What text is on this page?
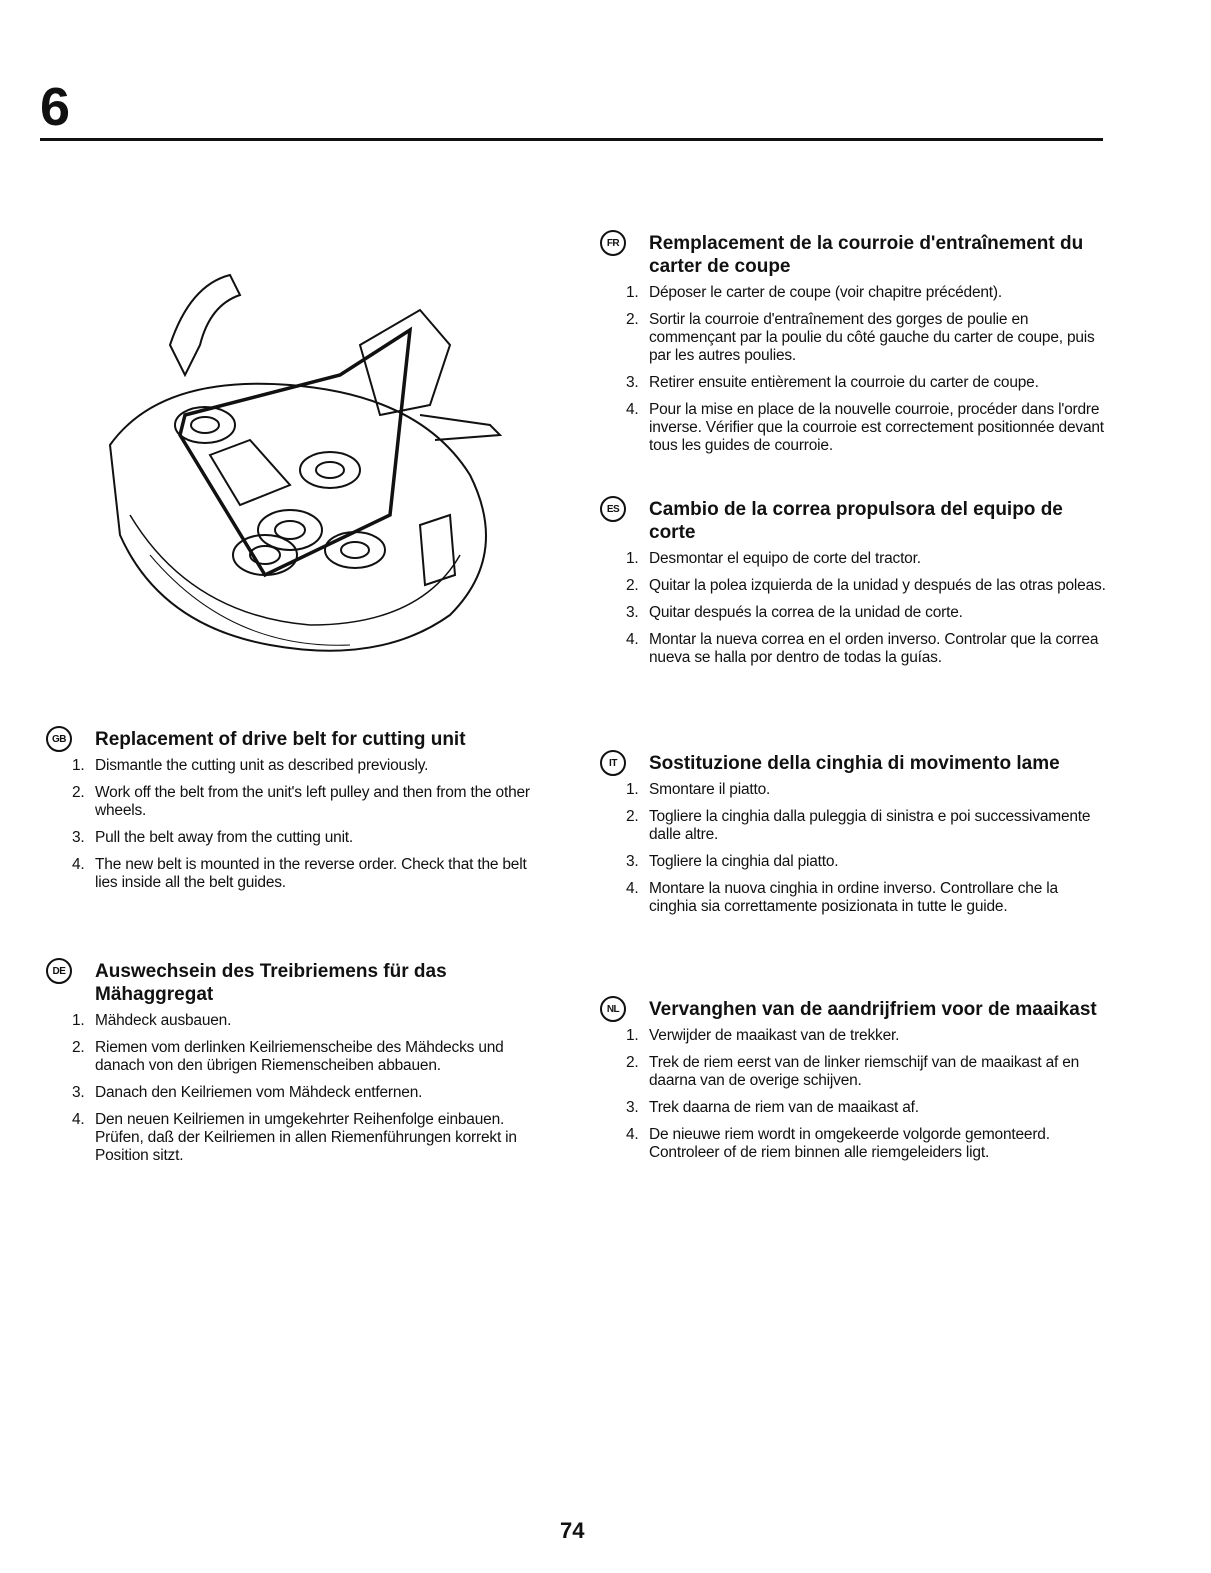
6
FR	Remplacement de la courroie d'entraînement du carter de coupe
1. Déposer le carter de coupe (voir chapitre précédent).
2. Sortir la courroie d'entraînement des gorges de poulie en commençant par la poulie du côté gauche du carter de coupe, puis par les autres poulies.
3. Retirer ensuite entièrement la courroie du carter de coupe.
4. Pour la mise en place de la nouvelle courroie, procéder dans l'ordre inverse. Vérifier que la courroie est correctement positionnée devant tous les guides de courroie.
ES	Cambio de la correa propulsora del equipo de corte
1. Desmontar el equipo de corte del tractor.
2. Quitar la polea izquierda de la unidad y después de las otras poleas.
3. Quitar después la correa de la unidad de corte.
4. Montar la nueva correa en el orden inverso. Controlar que la correa nueva se halla por dentro de todas la guías.
GB	Replacement of drive belt for cutting unit
1. Dismantle the cutting unit as described previously.
2. Work off the belt from the unit's left pulley and then from the other wheels.
3. Pull the belt away from the cutting unit.
4. The new belt is mounted in the reverse order. Check that the belt lies inside all the belt guides.
IT	Sostituzione della cinghia di movimento lame
1. Smontare il piatto.
2. Togliere la cinghia dalla puleggia di sinistra e poi successivamente dalle altre.
3. Togliere la cinghia dal piatto.
4. Montare la nuova cinghia in ordine inverso. Controllare che la cinghia sia correttamente posizionata in tutte le guide.
DE	Auswechsein des Treibriemens für das Mähaggregat
1. Mähdeck ausbauen.
2. Riemen vom derlinken Keilriemenscheibe des Mähdecks und danach von den übrigen Riemenscheiben abbauen.
3. Danach den Keilriemen vom Mähdeck entfernen.
4. Den neuen Keilriemen in umgekehrter Reihenfolge einbauen. Prüfen, daß der Keilriemen in allen Riemenführungen korrekt in Position sitzt.
NL	Vervanghen van de aandrijfriem voor de maaikast
1. Verwijder de maaikast van de trekker.
2. Trek de riem eerst van de linker riemschijf van de maaikast af en daarna van de overige schijven.
3. Trek daarna de riem van de maaikast af.
4. De nieuwe riem wordt in omgekeerde volgorde gemonteerd. Controleer of de riem binnen alle riemgeleiders ligt.
74
